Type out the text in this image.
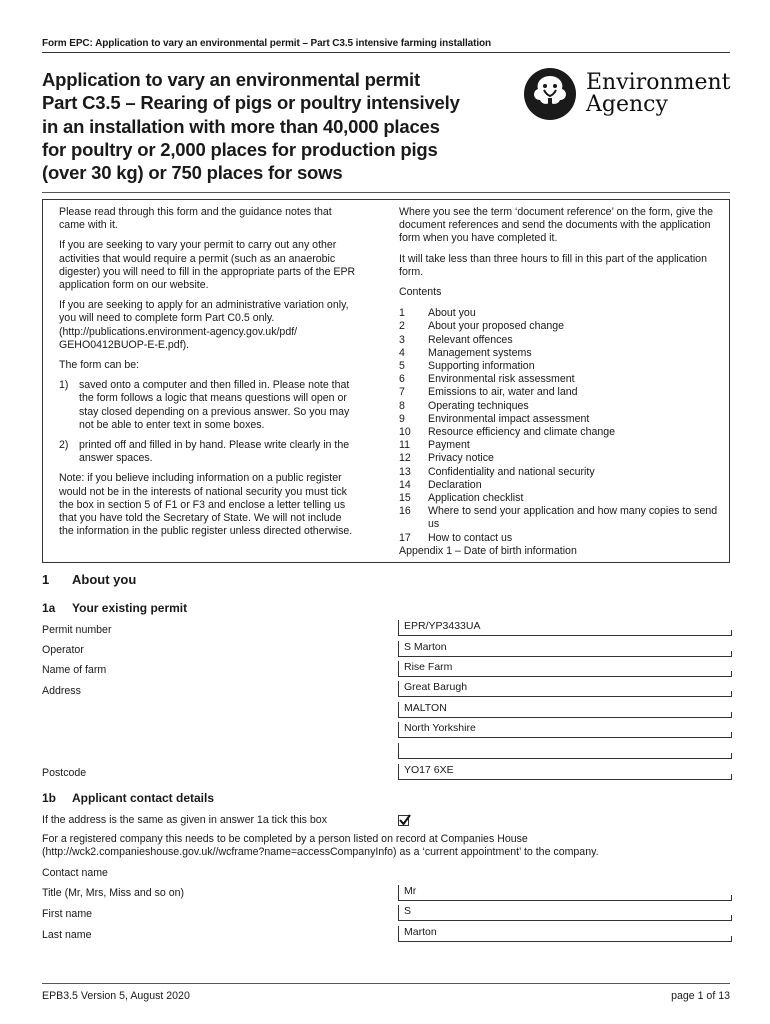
Form EPC: Application to vary an environmental permit – Part C3.5 intensive farming installation
Application to vary an environmental permit
Part C3.5 – Rearing of pigs or poultry intensively
in an installation with more than 40,000 places
for poultry or 2,000 places for production pigs
(over 30 kg) or 750 places for sows
Environment
Agency

Please read through this form and the guidance notes that came with it.

If you are seeking to vary your permit to carry out any other activities that would require a permit (such as an anaerobic digester) you will need to fill in the appropriate parts of the EPR application form on our website.

If you are seeking to apply for an administrative variation only, you will need to complete form Part C0.5 only. (http://publications.environment-agency.gov.uk/pdf/ GEHO0412BUOP-E-E.pdf).

The form can be:

1) saved onto a computer and then filled in. Please note that the form follows a logic that means questions will open or stay closed depending on a previous answer. So you may not be able to enter text in some boxes.
2) printed off and filled in by hand. Please write clearly in the answer spaces.

Note: if you believe including information on a public register would not be in the interests of national security you must tick the box in section 5 of F1 or F3 and enclose a letter telling us that you have told the Secretary of State. We will not include the information in the public register unless directed otherwise.

Where you see the term ‘document reference’ on the form, give the document references and send the documents with the application form when you have completed it.

It will take less than three hours to fill in this part of the application form.

Contents
1	About you
2	About your proposed change
3	Relevant offences
4	Management systems
5	Supporting information
6	Environmental risk assessment
7	Emissions to air, water and land
8	Operating techniques
9	Environmental impact assessment
10	Resource efficiency and climate change
11	Payment
12	Privacy notice
13	Confidentiality and national security
14	Declaration
15	Application checklist
16	Where to send your application and how many copies to send us
17	How to contact us
Appendix 1 – Date of birth information
1 About you
1a Your existing permit
Permit number	EPR/YP3433UA
Operator	S Marton
Name of farm	Rise Farm
Address	Great Barugh
MALTON
North Yorkshire
Postcode	YO17 6XE
1b Applicant contact details
If the address is the same as given in answer 1a tick this box
For a registered company this needs to be completed by a person listed on record at Companies House (http://wck2.companieshouse.gov.uk//wcframe?name=accessCompanyInfo) as a ‘current appointment’ to the company.
Contact name
Title (Mr, Mrs, Miss and so on)	Mr
First name	S
Last name	Marton
EPB3.5 Version 5, August 2020	page 1 of 13
